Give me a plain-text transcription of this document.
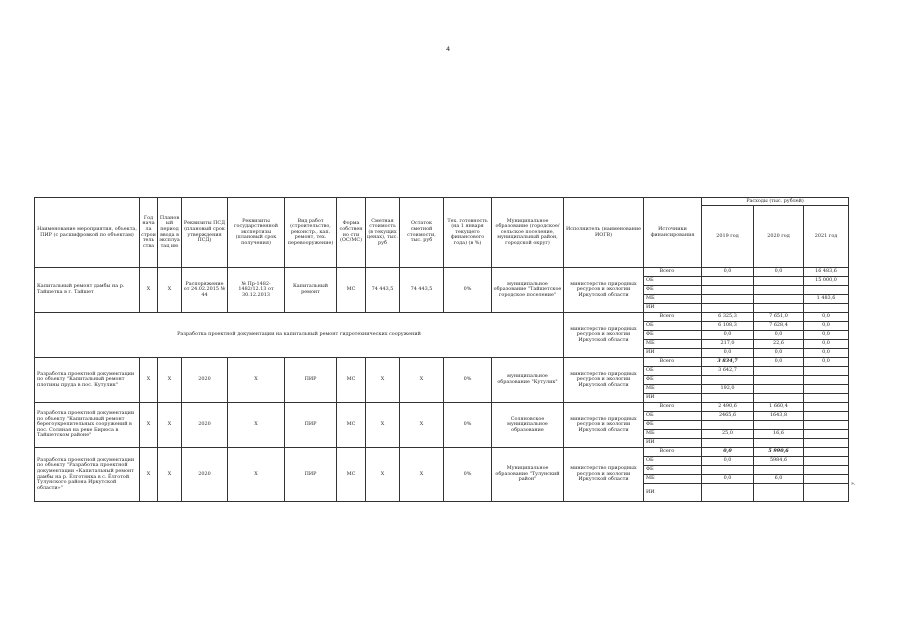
4
Наименование мероприятия, объекта, ПИР (с расшифровкой по объектам)	Год начала строитель ства	Плановый период ввода в эксплуатац ию	Реквизиты ПСД (плановый срок утверждения ПСД)	Реквизиты государственной экспертизы (плановый срок получения)	Вид работ (строительство, реконстр., кап. ремонт, тех. перевооружение)	Форма собственно сти (ОС/МС)	Сметная стоимость (в текущих ценах), тыс. руб	Остаток сметной стоимости, тыс. руб	Тех. готовность (на 1 января текущего финансового года) (в %)	Муниципальное образование (городское/сельское поселение, муниципальный район, городской округ)	Исполнитель (наименование ИОГВ)	Источники финансирования		Расходы (тыс. рублей)		
														2019 год	2020 год	2021 год
Капитальный ремонт дамбы на р. Тайшетка в г. Тайшет	Х	Х	Распоряжение от 24.02.2015 № 44	№ Пр-1482-1482/12.13 от 30.12.2013	Капитальный ремонт	МС	74 443,5	74 443,5	0%	муниципальное образование "Тайшетское городское поселение"	министерство природных ресурсов и экологии Иркутской области		Всего	0,0	0,0	16 483,6
												ОБ				15 000,0
												ФБ				
												МБ				1 483,6
												ИИ				
Разработка проектной документации на капитальный ремонт гидротехнических сооружений											министерство природных ресурсов и экологии Иркутской области		Всего	6 325,3	7 651,0	0,0
												ОБ		6 108,3	7 628,4	0,0
												ФБ		0,0	0,0	0,0
												МБ		217,0	22,6	0,0
												ИИ		0,0	0,0	0,0
Разработка проектной документации по объекту "Капитальный ремонт плотины пруда в пос. Кутулик"	Х	Х	2020	Х	ПИР	МС	Х	Х	0%	муниципальное образование "Кутулик"	министерство природных ресурсов и экологии Иркутской области		Всего	3 834,7	0,0	0,0
												ОБ		3 642,7		
												ФБ				
												МБ		192,0		
												ИИ				
Разработка проектной документации по объекту "Капитальный ремонт берегоукрепительных сооружений в пос. Соляная на реке Бирюса в Тайшетском районе"	Х	Х	2020	Х	ПИР	МС	Х	Х	0%	Соляновское муниципальное образование	министерство природных ресурсов и экологии Иркутской области		Всего	2 490,6	1 660,4	
												ОБ		2465,6	1643,8	
												ФБ				
												МБ		25,0	16,6	
												ИИ				
Разработка проектной документации по объекту "Разработка проектной документации «Капитальный ремонт дамбы на р. Ёлготянка в с. Ёлготой Тулунского района Иркутской области»"	Х	Х	2020	Х	ПИР	МС	Х	Х	0%	Муниципальное образование "Тулунский район"	министерство природных ресурсов и экологии Иркутской области		Всего	0,0	5 990,6	
												ОБ		0,0	5984,6	
												ФБ				
												МБ		0,0	6,0	
												ИИ				
».
